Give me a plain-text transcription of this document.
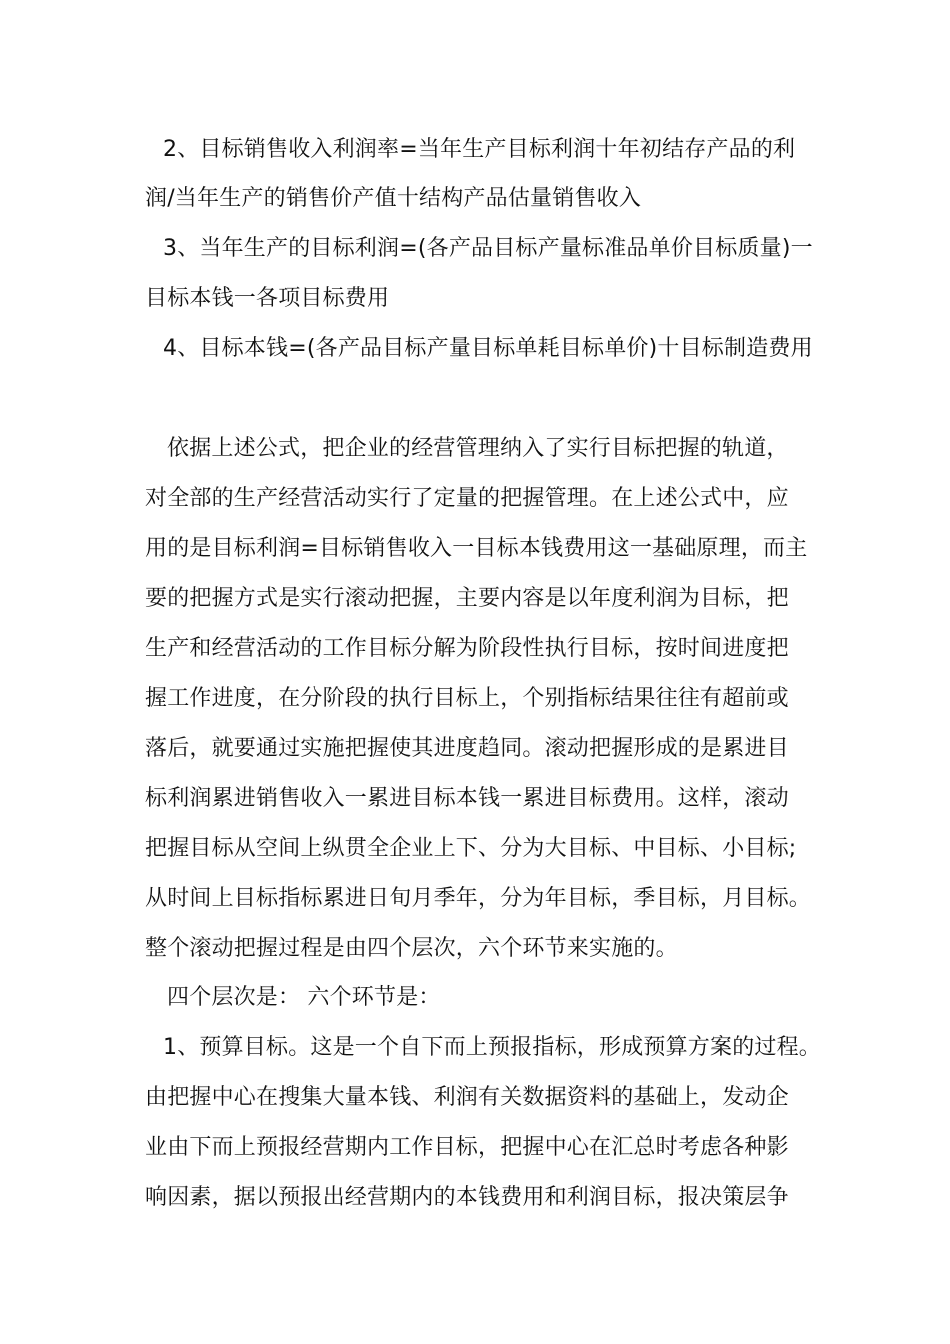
2、目标销售收入利润率=当年生产目标利润十年初结存产品的利
润/当年生产的销售价产值十结构产品估量销售收入
3、当年生产的目标利润=(各产品目标产量标准品单价目标质量)一
目标本钱一各项目标费用
4、目标本钱=(各产品目标产量目标单耗目标单价)十目标制造费用
依据上述公式，把企业的经营管理纳入了实行目标把握的轨道，
对全部的生产经营活动实行了定量的把握管理。在上述公式中，应
用的是目标利润=目标销售收入一目标本钱费用这一基础原理，而主
要的把握方式是实行滚动把握，主要内容是以年度利润为目标，把
生产和经营活动的工作目标分解为阶段性执行目标，按时间进度把
握工作进度，在分阶段的执行目标上，个别指标结果往往有超前或
落后，就要通过实施把握使其进度趋同。滚动把握形成的是累进目
标利润累进销售收入一累进目标本钱一累进目标费用。这样，滚动
把握目标从空间上纵贯全企业上下、分为大目标、中目标、小目标;
从时间上目标指标累进日旬月季年，分为年目标，季目标，月目标。
整个滚动把握过程是由四个层次，六个环节来实施的。
四个层次是： 六个环节是：
1、预算目标。这是一个自下而上预报指标，形成预算方案的过程。
由把握中心在搜集大量本钱、利润有关数据资料的基础上，发动企
业由下而上预报经营期内工作目标，把握中心在汇总时考虑各种影
响因素，据以预报出经营期内的本钱费用和利润目标，报决策层争
